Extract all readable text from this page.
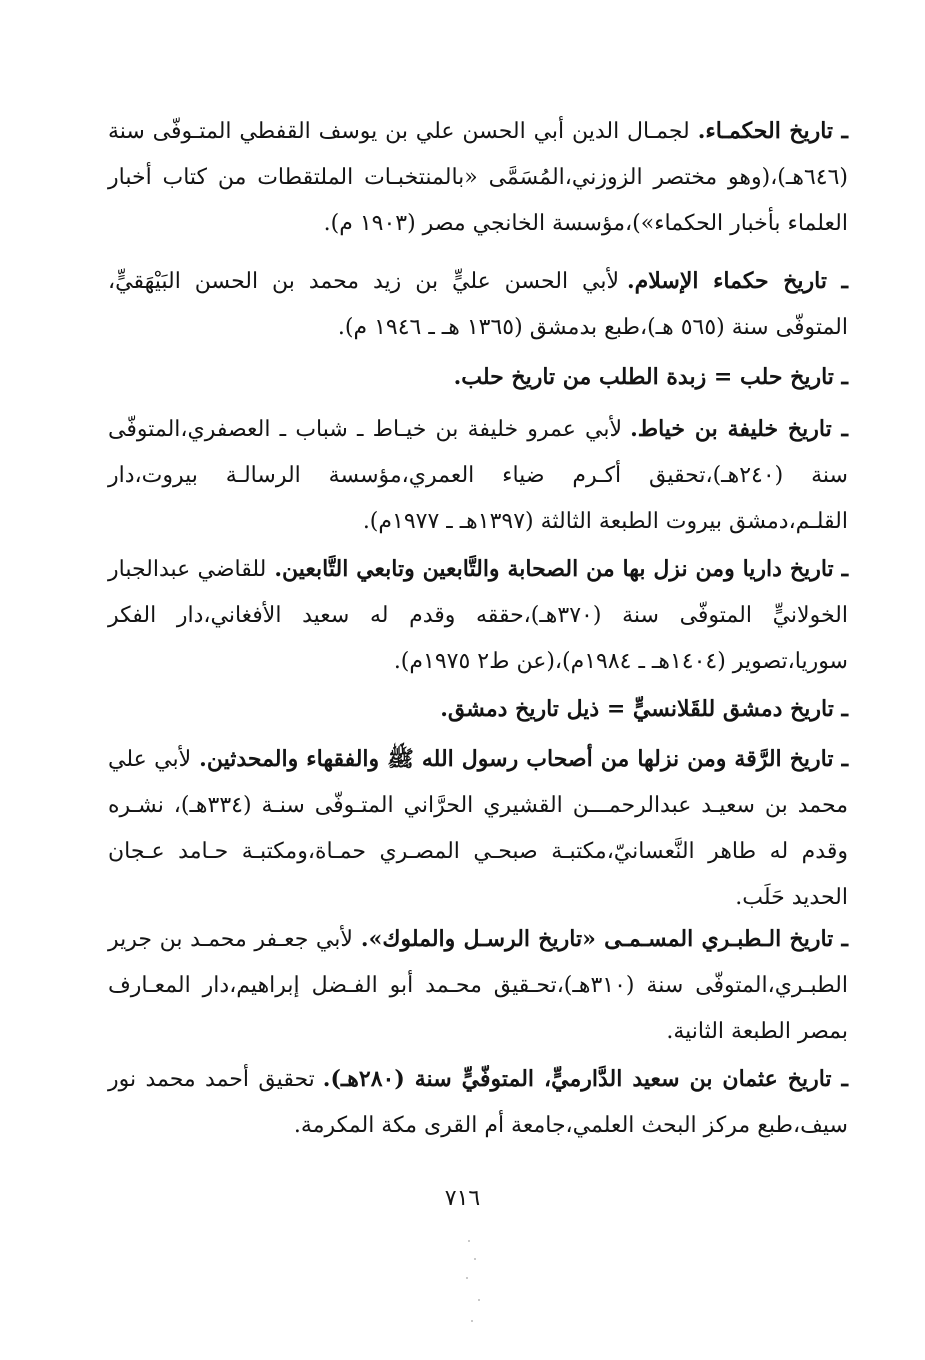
ـ تاريخ الحكمـاء.لجمـال الدين أبي الحسن علي بن يوسف القفطي المتـوفّى سنة (٦٤٦هـ)،(وهو مختصر الزوزني،المُسَمَّى «بالمنتخبـات الملتقطات من كتاب أخبار العلماء بأخبار الحكماء»)،مؤسسة الخانجي مصر (١٩٠٣ م).

ـ تاريخ حكماء الإسلام.لأبي الحسن عليٍّ بن زيد محمد بن الحسن البَيْهَقيٍّ، المتوفّى سنة (٥٦٥ هـ)،طبع بدمشق (١٣٦٥ هـ ـ ١٩٤٦ م).

ـ تاريخ حلب = زبدة الطلب من تاريخ حلب.

ـ تاريخ خليفة بن خياط.لأبي عمرو خليفة بن خيـاط ـ شباب ـ العصفري،المتوفّى سنة (٢٤٠هـ)،تحقيق أكـرم ضياء العمري،مؤسسة الرسالـة بيروت،دار القلـم،دمشق بيروت الطبعة الثالثة (١٣٩٧هـ ـ ١٩٧٧م).

ـ تاريخ داريا ومن نزل بها من الصحابة والتَّابعين وتابعي التَّابعين.للقاضي عبدالجبار الخولانيٍّ المتوفّى سنة (٣٧٠هـ)،حققه وقدم له سعيد الأفغاني،دار الفكر سوريا،تصوير (١٤٠٤هـ ـ ١٩٨٤م)،(عن ط٢ ١٩٧٥م).

ـ تاريخ دمشق للقَلانسيٍّ = ذيل تاريخ دمشق.

ـ تاريخ الرَّقة ومن نزلها من أصحاب رسول الله ﷺ والفقهاء والمحدثين.لأبي علي محمد بن سعيـد عبدالرحمـــن القشيري الحرَّاني المتـوفّى سنـة (٣٣٤هـ)، نشـره وقدم له طاهر النَّعسانيّ،مكتبـة صبحـي المصـري حمـاة،ومكتبـة حـامد عـجان الحديد حَلَب.

ـ تاريخ الـطبـري المسـمـى «تاريخ الرسـل والملوك».لأبي جعـفر محمـد بن جرير الطبـري،المتوفّى سنة (٣١٠هـ)،تحـقيق محـمد أبو الفـضل إبراهيم،دار المعـارف بمصر الطبعة الثانية.

ـ تاريخ عثمان بن سعيد الدَّارميٍّ، المتوفّيٍّ سنة (٢٨٠هـ).تحقيق أحمد محمد نور سيف،طبع مركز البحث العلمي،جامعة أم القرى مكة المكرمة.

٧١٦
